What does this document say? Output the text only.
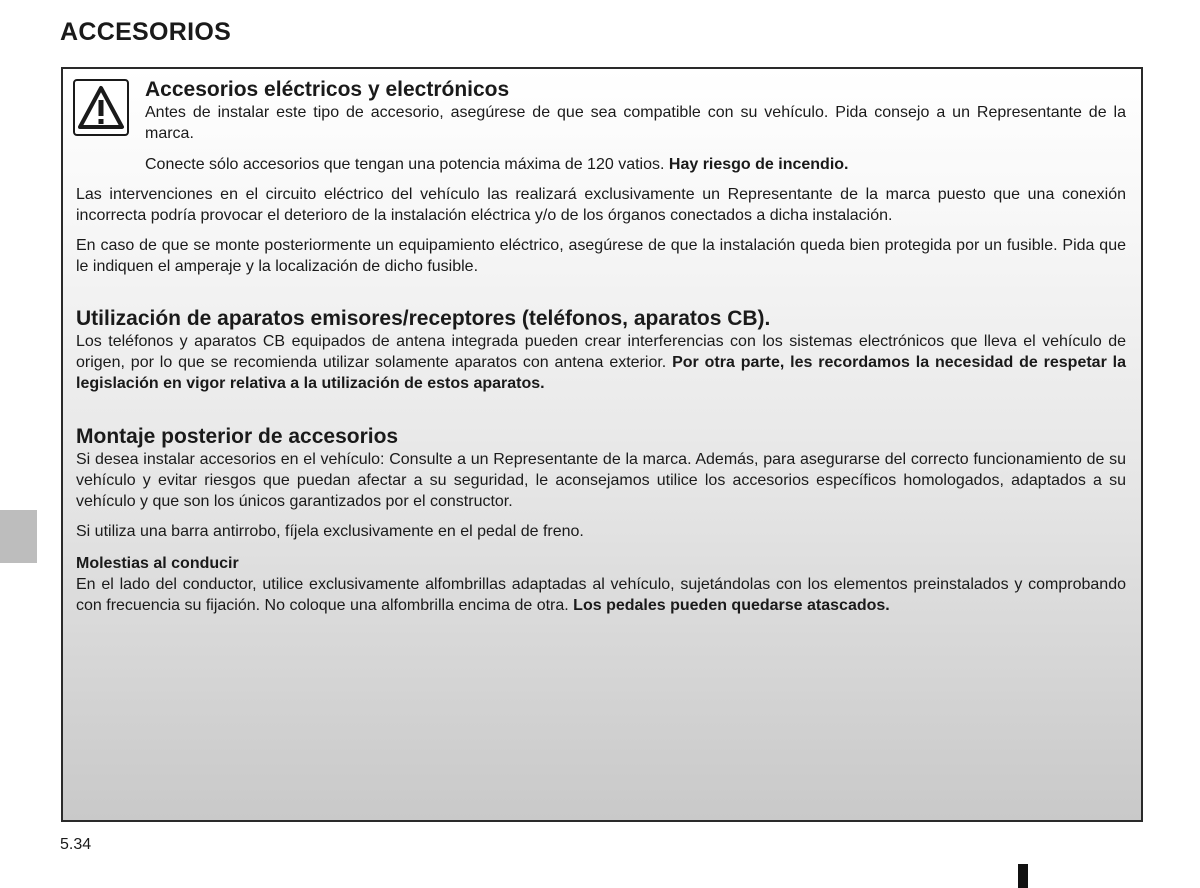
ACCESORIOS
Accesorios eléctricos y electrónicos

Antes de instalar este tipo de accesorio, asegúrese de que sea compatible con su vehículo. Pida consejo a un Representante de la marca.

Conecte sólo accesorios que tengan una potencia máxima de 120 vatios. Hay riesgo de incendio.

Las intervenciones en el circuito eléctrico del vehículo las realizará exclusivamente un Representante de la marca puesto que una conexión incorrecta podría provocar el deterioro de la instalación eléctrica y/o de los órganos conectados a dicha instalación.

En caso de que se monte posteriormente un equipamiento eléctrico, asegúrese de que la instalación queda bien protegida por un fusible. Pida que le indiquen el amperaje y la localización de dicho fusible.

Utilización de aparatos emisores/receptores (teléfonos, aparatos CB).

Los teléfonos y aparatos CB equipados de antena integrada pueden crear interferencias con los sistemas electrónicos que lleva el vehículo de origen, por lo que se recomienda utilizar solamente aparatos con antena exterior. Por otra parte, les recordamos la necesidad de respetar la legislación en vigor relativa a la utilización de estos aparatos.

Montaje posterior de accesorios

Si desea instalar accesorios en el vehículo: Consulte a un Representante de la marca. Además, para asegurarse del correcto funcionamiento de su vehículo y evitar riesgos que puedan afectar a su seguridad, le aconsejamos utilice los accesorios específicos homologados, adaptados a su vehículo y que son los únicos garantizados por el constructor.

Si utiliza una barra antirrobo, fíjela exclusivamente en el pedal de freno.

Molestias al conducir
En el lado del conductor, utilice exclusivamente alfombrillas adaptadas al vehículo, sujetándolas con los elementos preinstalados y comprobando con frecuencia su fijación. No coloque una alfombrilla encima de otra. Los pedales pueden quedarse atascados.

5.34
